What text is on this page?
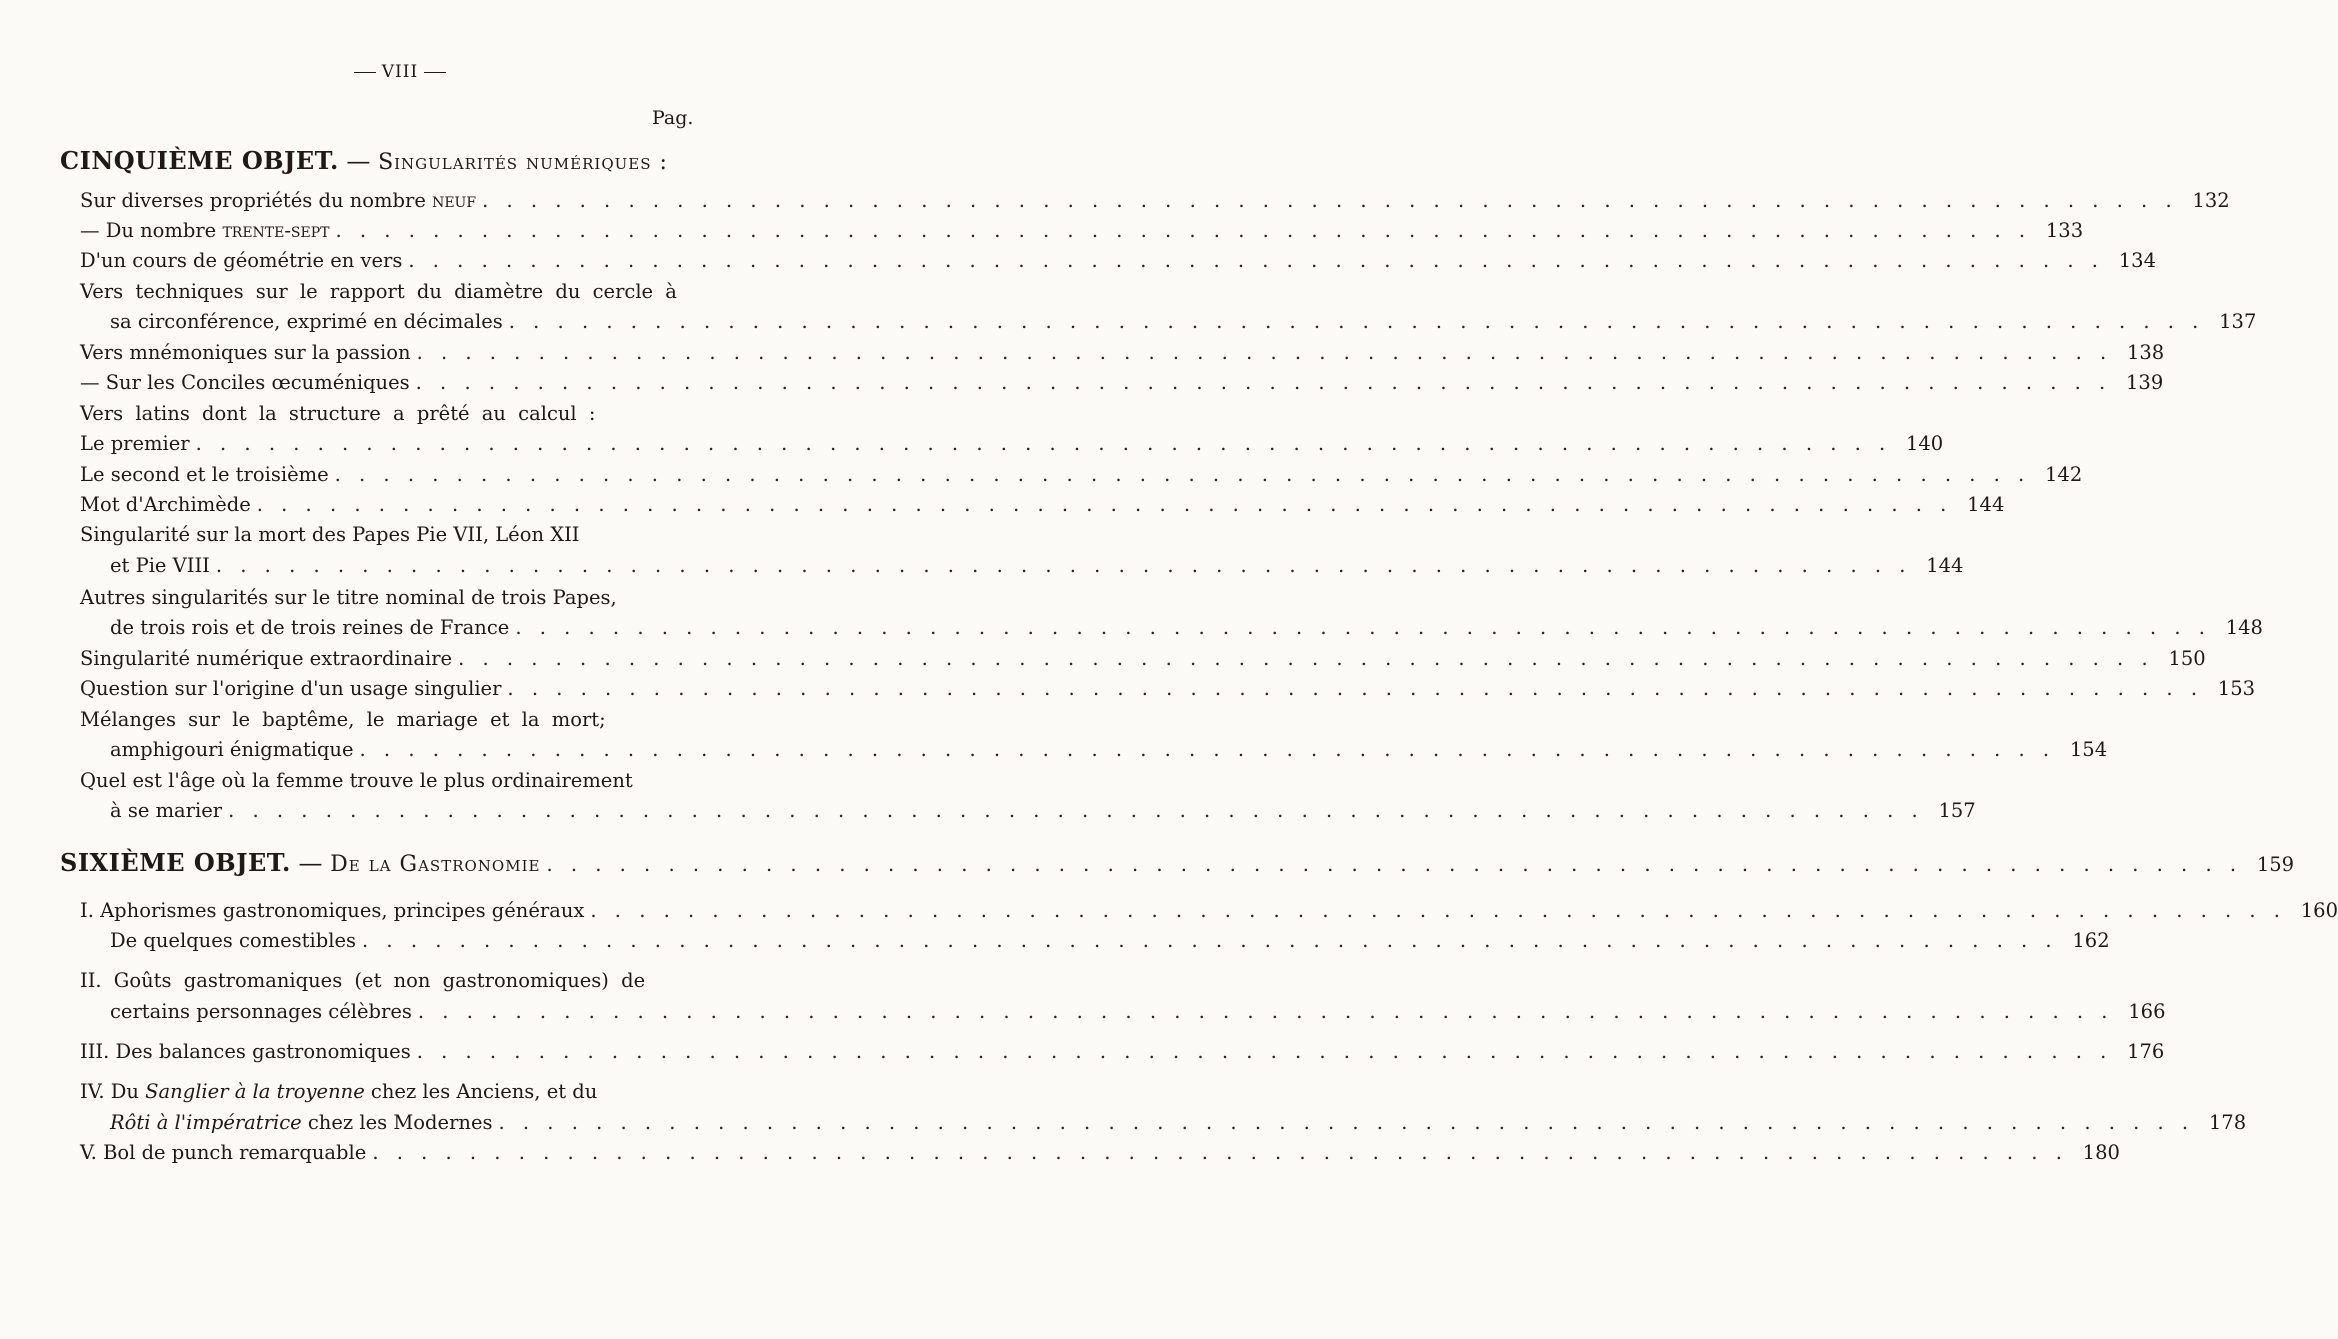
VIII
Pag.
CINQUIÈME OBJET. — Singularités numériques :
Sur diverses propriétés du nombre neuf . . .	132
— Du nombre trente-sept . . .	133
D'un cours de géométrie en vers . . .	134
Vers techniques sur le rapport du diamètre du cercle à
sa circonférence, exprimé en décimales . . .	137
Vers mnémoniques sur la passion . . .	138
— Sur les Conciles œcuméniques . . .	139
Vers latins dont la structure a prêté au calcul :
Le premier . . .	140
Le second et le troisième . . .	142
Mot d'Archimède . . .	144
Singularité sur la mort des Papes Pie VII, Léon XII
et Pie VIII . . .	144
Autres singularités sur le titre nominal de trois Papes,
de trois rois et de trois reines de France . . .	148
Singularité numérique extraordinaire . . .	150
Question sur l'origine d'un usage singulier . . .	153
Mélanges sur le baptême, le mariage et la mort;
amphigouri énigmatique . . .	154
Quel est l'âge où la femme trouve le plus ordinairement
à se marier . . .	157
SIXIÈME OBJET. — De la Gastronomie . . .	159
I. Aphorismes gastronomiques, principes généraux . . .	160
De quelques comestibles . . .	162
II. Goûts gastromaniques (et non gastronomiques) de
certains personnages célèbres . . .	166
III. Des balances gastronomiques . . .	176
IV. Du Sanglier à la troyenne chez les Anciens, et du
Rôti à l'impératrice chez les Modernes . . .	178
V. Bol de punch remarquable . . .	180
